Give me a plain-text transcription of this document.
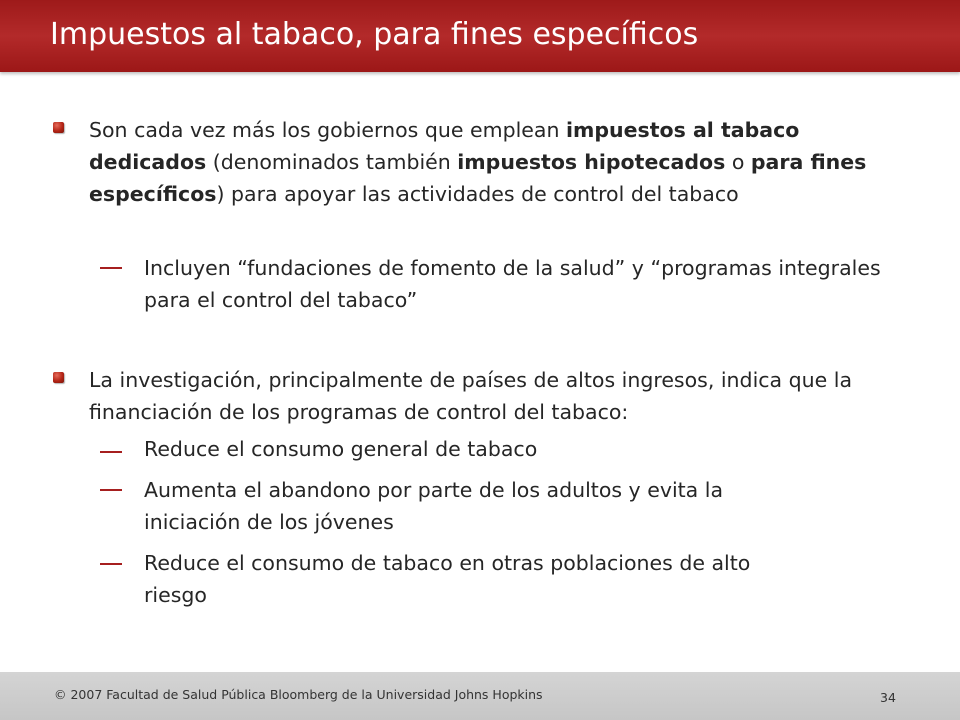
Impuestos al tabaco, para fines específicos

Son cada vez más los gobiernos que emplean impuestos al tabaco dedicados (denominados también impuestos hipotecados o para fines específicos) para apoyar las actividades de control del tabaco

Incluyen “fundaciones de fomento de la salud” y “programas integrales para el control del tabaco”

La investigación, principalmente de países de altos ingresos, indica que la financiación de los programas de control del tabaco:

Reduce el consumo general de tabaco

Aumenta el abandono por parte de los adultos y evita la iniciación de los jóvenes

Reduce el consumo de tabaco en otras poblaciones de alto riesgo

© 2007 Facultad de Salud Pública Bloomberg de la Universidad Johns Hopkins	34
